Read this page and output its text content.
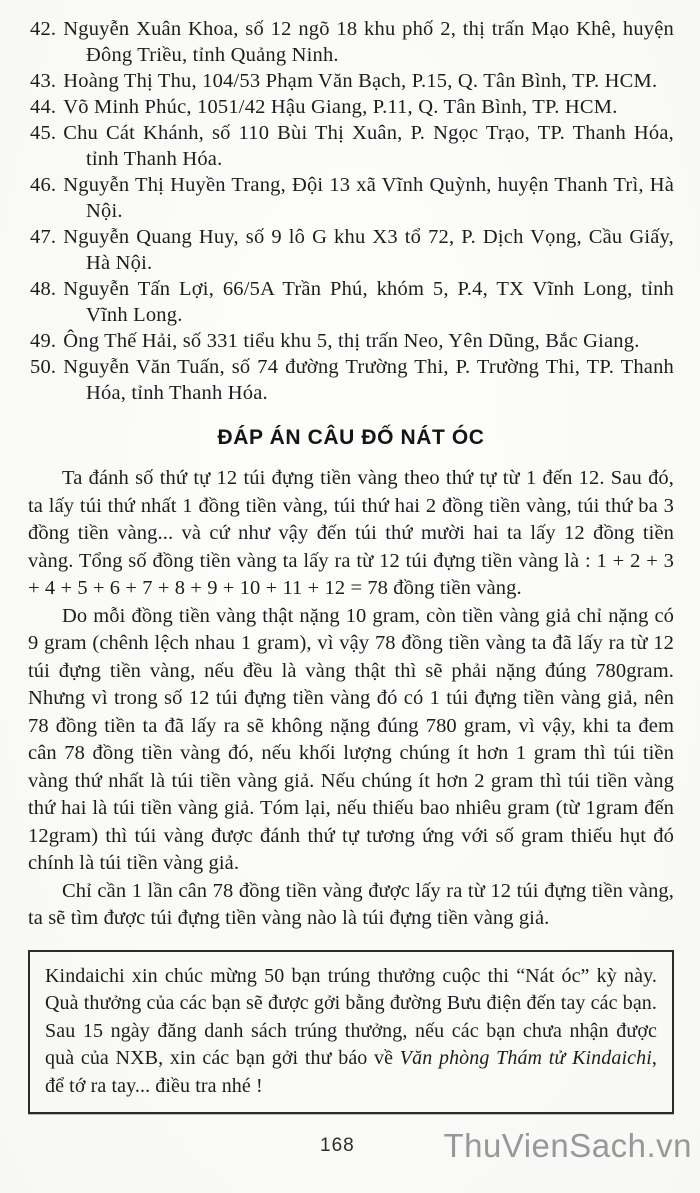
42. Nguyễn Xuân Khoa, số 12 ngõ 18 khu phố 2, thị trấn Mạo Khê, huyện Đông Triều, tỉnh Quảng Ninh.
43. Hoàng Thị Thu, 104/53 Phạm Văn Bạch, P.15, Q. Tân Bình, TP. HCM.
44. Võ Minh Phúc, 1051/42 Hậu Giang, P.11, Q. Tân Bình, TP. HCM.
45. Chu Cát Khánh, số 110 Bùi Thị Xuân, P. Ngọc Trạo, TP. Thanh Hóa, tỉnh Thanh Hóa.
46. Nguyễn Thị Huyền Trang, Đội 13 xã Vĩnh Quỳnh, huyện Thanh Trì, Hà Nội.
47. Nguyễn Quang Huy, số 9 lô G khu X3 tổ 72, P. Dịch Vọng, Cầu Giấy, Hà Nội.
48. Nguyễn Tấn Lợi, 66/5A Trần Phú, khóm 5, P.4, TX Vĩnh Long, tỉnh Vĩnh Long.
49. Ông Thế Hải, số 331 tiểu khu 5, thị trấn Neo, Yên Dũng, Bắc Giang.
50. Nguyễn Văn Tuấn, số 74 đường Trường Thi, P. Trường Thi, TP. Thanh Hóa, tỉnh Thanh Hóa.
ĐÁP ÁN CÂU ĐỐ NÁT ÓC

Ta đánh số thứ tự 12 túi đựng tiền vàng theo thứ tự từ 1 đến 12. Sau đó, ta lấy túi thứ nhất 1 đồng tiền vàng, túi thứ hai 2 đồng tiền vàng, túi thứ ba 3 đồng tiền vàng... và cứ như vậy đến túi thứ mười hai ta lấy 12 đồng tiền vàng. Tổng số đồng tiền vàng ta lấy ra từ 12 túi đựng tiền vàng là : 1 + 2 + 3 + 4 + 5 + 6 + 7 + 8 + 9 + 10 + 11 + 12 = 78 đồng tiền vàng.

Do mỗi đồng tiền vàng thật nặng 10 gram, còn tiền vàng giả chỉ nặng có 9 gram (chênh lệch nhau 1 gram), vì vậy 78 đồng tiền vàng ta đã lấy ra từ 12 túi đựng tiền vàng, nếu đều là vàng thật thì sẽ phải nặng đúng 780gram. Nhưng vì trong số 12 túi đựng tiền vàng đó có 1 túi đựng tiền vàng giả, nên 78 đồng tiền ta đã lấy ra sẽ không nặng đúng 780 gram, vì vậy, khi ta đem cân 78 đồng tiền vàng đó, nếu khối lượng chúng ít hơn 1 gram thì túi tiền vàng thứ nhất là túi tiền vàng giả. Nếu chúng ít hơn 2 gram thì túi tiền vàng thứ hai là túi tiền vàng giả. Tóm lại, nếu thiếu bao nhiêu gram (từ 1gram đến 12gram) thì túi vàng được đánh thứ tự tương ứng với số gram thiếu hụt đó chính là túi tiền vàng giả.

Chỉ cần 1 lần cân 78 đồng tiền vàng được lấy ra từ 12 túi đựng tiền vàng, ta sẽ tìm được túi đựng tiền vàng nào là túi đựng tiền vàng giả.

Kindaichi xin chúc mừng 50 bạn trúng thưởng cuộc thi “Nát óc” kỳ này. Quà thưởng của các bạn sẽ được gởi bằng đường Bưu điện đến tay các bạn. Sau 15 ngày đăng danh sách trúng thưởng, nếu các bạn chưa nhận được quà của NXB, xin các bạn gởi thư báo về Văn phòng Thám tử Kindaichi, để tớ ra tay... điều tra nhé !

168	ThuVienSach.vn
